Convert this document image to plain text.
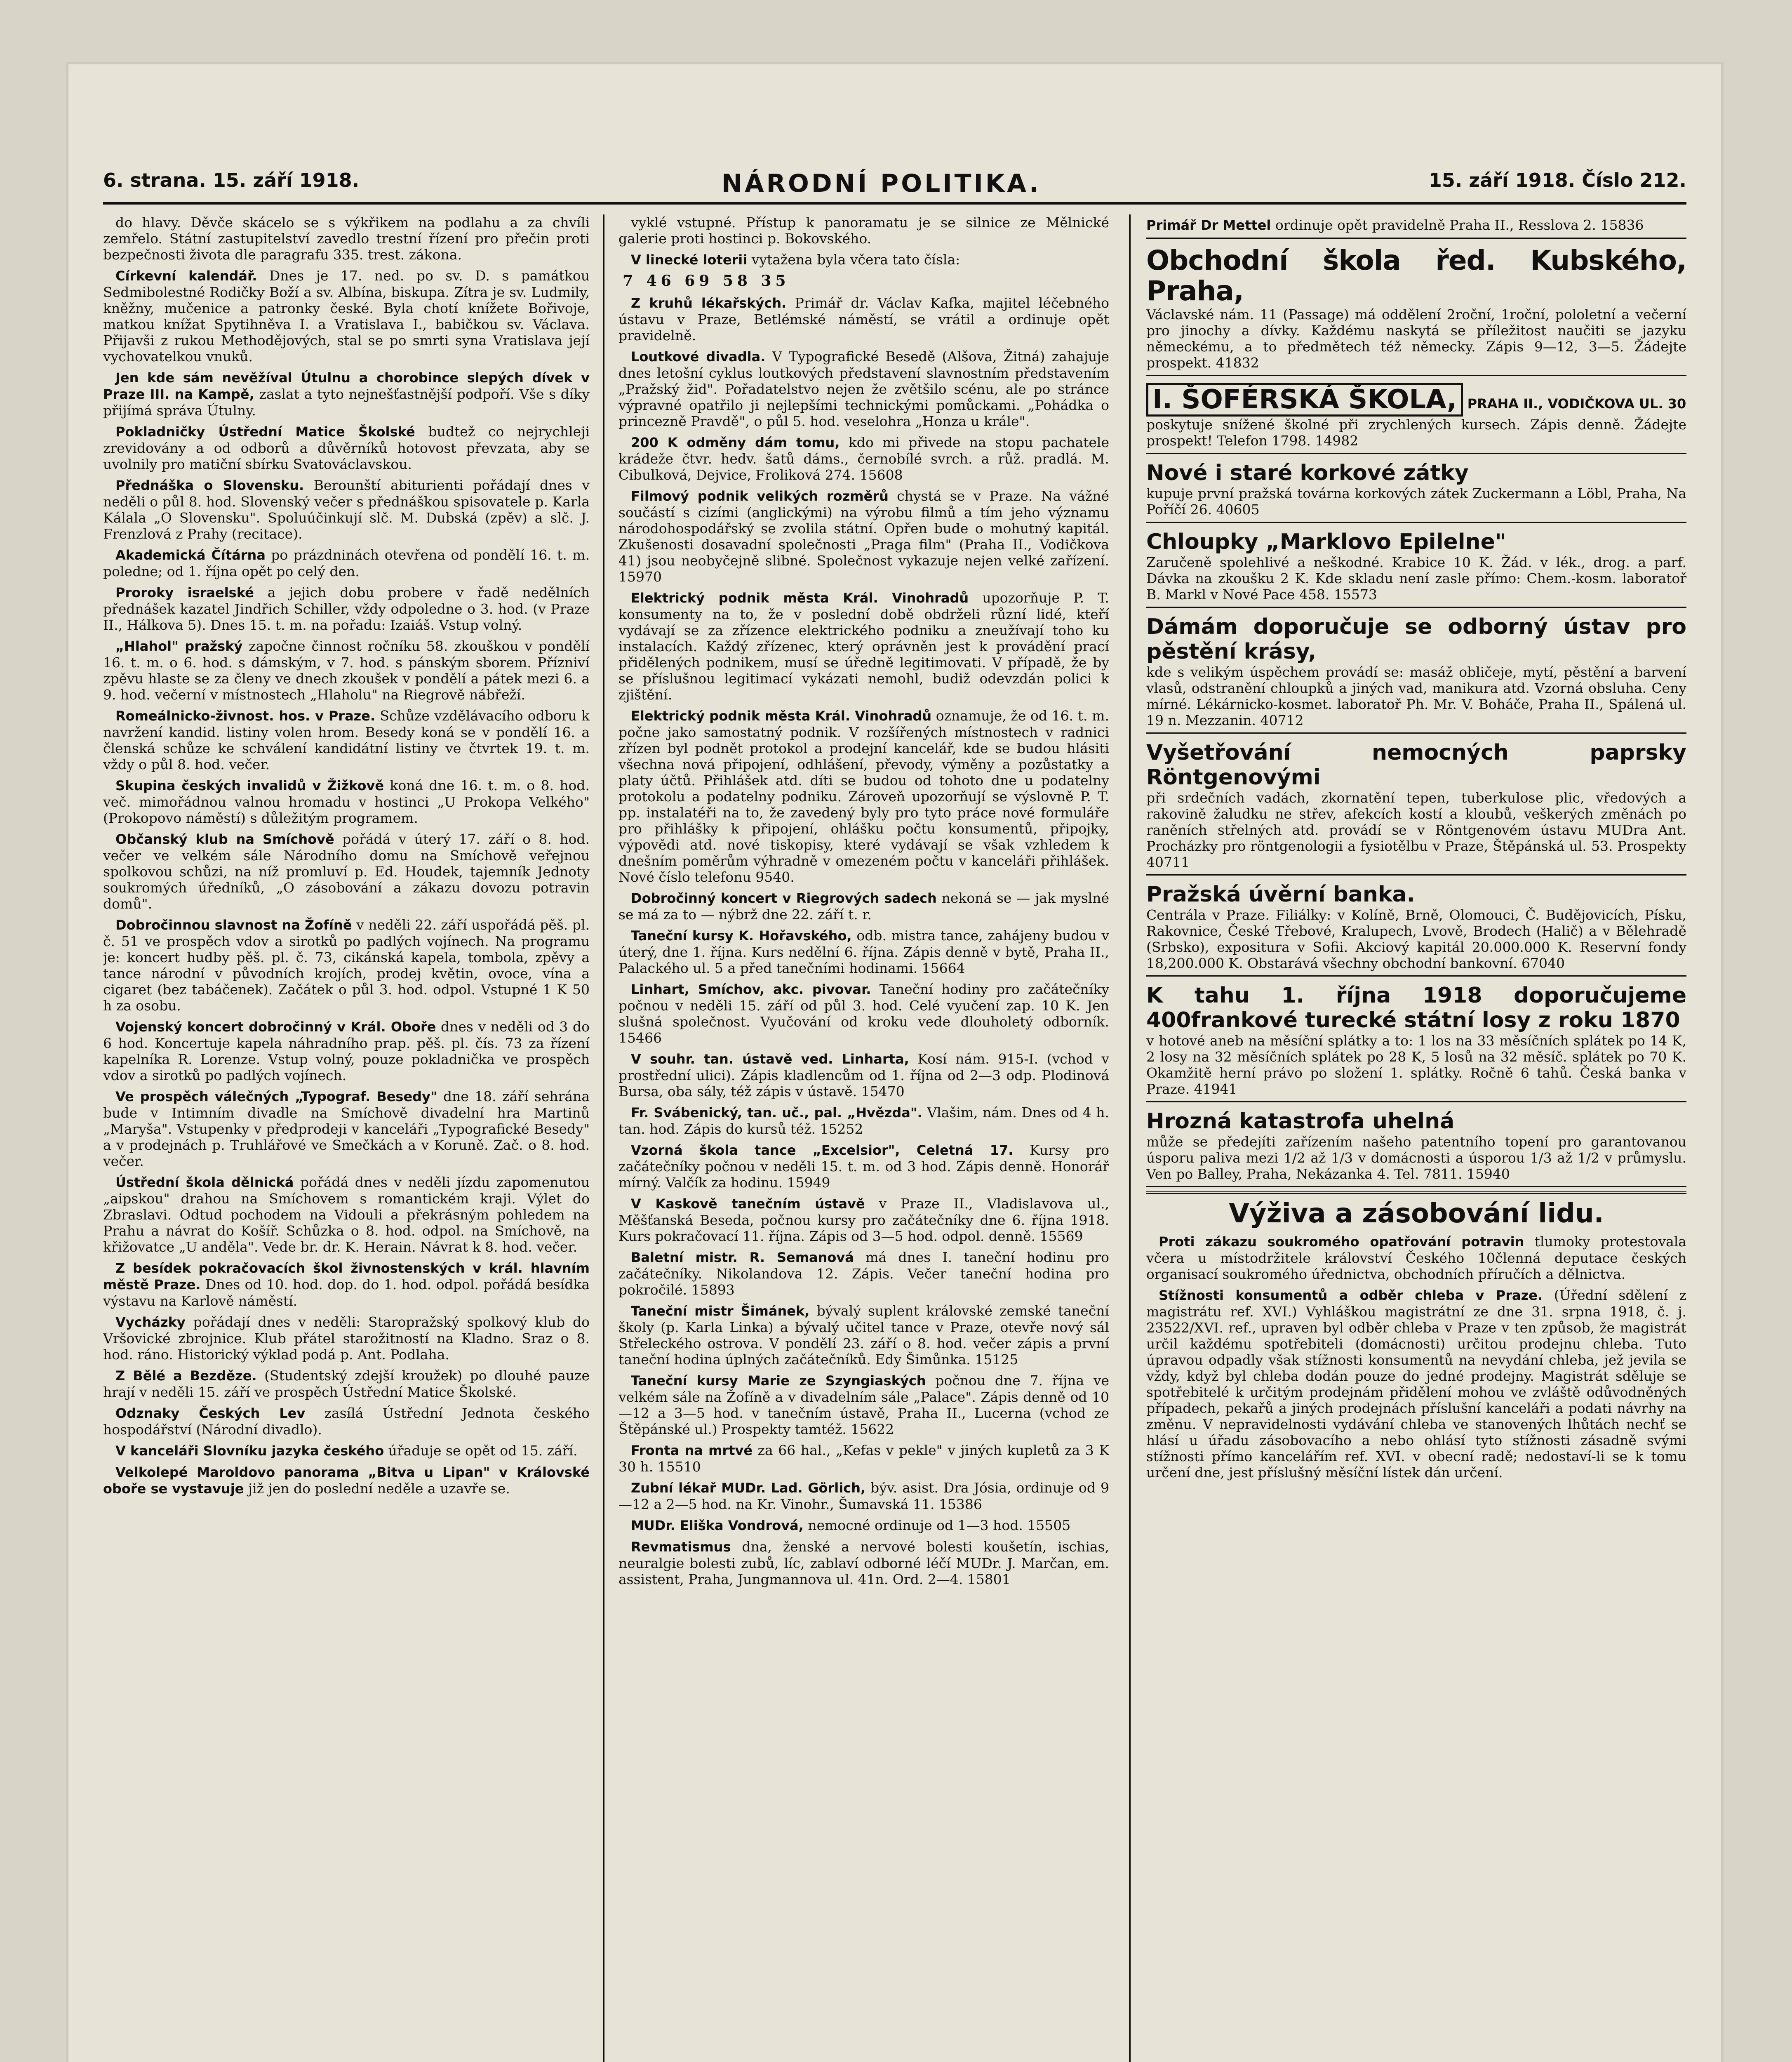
6. strana. 15. září 1918.	NÁRODNÍ POLITIKA.	15. září 1918. Číslo 212.

do hlavy. Děvče skácelo se s výkřikem na podlahu a za chvíli zemřelo. Státní zastupitelství zavedlo trestní řízení pro přečin proti bezpečnosti života dle paragrafu 335. trest. zákona.

Církevní kalendář. Dnes je 17. ned. po sv. D. s památkou Sedmibolestné Rodičky Boží a sv. Albína, biskupa. Zítra je sv. Ludmily, kněžny, mučenice a patronky české. Byla chotí knížete Bořivoje, matkou knížat Spytihněva I. a Vratislava I., babičkou sv. Václava. Přijavši z rukou Methodějových, stal se po smrti syna Vratislava její vychovatelkou vnuků.

Jen kde sám nevěžíval Útulnu a chorobince slepých dívek v Praze III. na Kampě, zaslat a tyto nejnešťastnější podpoří. Vše s díky přijímá správa Útulny.

Pokladničky Ústřední Matice Školské budtež co nejrychleji zrevidovány a od odborů a důvěrníků hotovost převzata, aby se uvolnily pro matiční sbírku Svatováclavskou.

Přednáška o Slovensku. Berounští abiturienti pořádají dnes v neděli o půl 8. hod. Slovenský večer s přednáškou spisovatele p. Karla Kálala „O Slovensku". Spoluúčinkují slč. M. Dubská (zpěv) a slč. J. Frenzlová z Prahy (recitace).

Akademická Čítárna po prázdninách otevřena od pondělí 16. t. m. poledne; od 1. října opět po celý den.

Proroky israelské a jejich dobu probere v řadě nedělních přednášek kazatel Jindřich Schiller, vždy odpoledne o 3. hod. (v Praze II., Hálkova 5). Dnes 15. t. m. na pořadu: Izaiáš. Vstup volný.

„Hlahol" pražský započne činnost ročníku 58. zkouškou v pondělí 16. t. m. o 6. hod. s dámským, v 7. hod. s pánským sborem. Přízniví zpěvu hlaste se za členy ve dnech zkoušek v pondělí a pátek mezi 6. a 9. hod. večerní v místnostech „Hlaholu" na Riegrově nábřeží.

Romeálnicko-živnost. hos. v Praze. Schůze vzdělávacího odboru k navržení kandid. listiny volen hrom. Besedy koná se v pondělí 16. a členská schůze ke schválení kandidátní listiny ve čtvrtek 19. t. m. vždy o půl 8. hod. večer.

Skupina českých invalidů v Žižkově koná dne 16. t. m. o 8. hod. več. mimořádnou valnou hromadu v hostinci „U Prokopa Velkého" (Prokopovo náměstí) s důležitým programem.

Občanský klub na Smíchově pořádá v úterý 17. září o 8. hod. večer ve velkém sále Národního domu na Smíchově veřejnou spolkovou schůzi, na níž promluví p. Ed. Houdek, tajemník Jednoty soukromých úředníků, „O zásobování a zákazu dovozu potravin domů".

Dobročinnou slavnost na Žofíně v neděli 22. září uspořádá pěš. pl. č. 51 ve prospěch vdov a sirotků po padlých vojínech. Na programu je: koncert hudby pěš. pl. č. 73, cikánská kapela, tombola, zpěvy a tance národní v původních krojích, prodej květin, ovoce, vína a cigaret (bez tabáčenek). Začátek o půl 3. hod. odpol. Vstupné 1 K 50 h za osobu.

Vojenský koncert dobročinný v Král. Oboře dnes v neděli od 3 do 6 hod. Koncertuje kapela náhradního prap. pěš. pl. čís. 73 za řízení kapelníka R. Lorenze. Vstup volný, pouze pokladnička ve prospěch vdov a sirotků po padlých vojínech.

Ve prospěch válečných „Typograf. Besedy" dne 18. září sehrána bude v Intimním divadle na Smíchově divadelní hra Martinů „Maryša". Vstupenky v předprodeji v kanceláři „Typografické Besedy" a v prodejnách p. Truhlářové ve Smečkách a v Koruně. Zač. o 8. hod. večer.

Ústřední škola dělnická pořádá dnes v neděli jízdu zapomenutou „aipskou" drahou na Smíchovem s romantickém kraji. Výlet do Zbraslavi. Odtud pochodem na Vidouli a překrásným pohledem na Prahu a návrat do Košíř. Schůzka o 8. hod. odpol. na Smíchově, na křižovatce „U anděla". Vede br. dr. K. Herain. Návrat k 8. hod. večer.

Z besídek pokračovacích škol živnostenských v král. hlavním městě Praze. Dnes od 10. hod. dop. do 1. hod. odpol. pořádá besídka výstavu na Karlově náměstí.

Vycházky pořádají dnes v neděli: Staropražský spolkový klub do Vršovické zbrojnice. Klub přátel starožitností na Kladno. Sraz o 8. hod. ráno. Historický výklad podá p. Ant. Podlaha.

Z Bělé a Bezděze. (Studentský zdejší kroužek) po dlouhé pauze hrají v neděli 15. září ve prospěch Ústřední Matice Školské.

Odznaky Českých Lev zasílá Ústřední Jednota českého hospodářství (Národní divadlo).

V kanceláři Slovníku jazyka českého úřaduje se opět od 15. září.

Velkolepé Maroldovo panorama „Bitva u Lipan" v Královské oboře se vystavuje již jen do poslední neděle a uzavře se.

vyklé vstupné. Přístup k panoramatu je se silnice ze Mělnické galerie proti hostinci p. Bokovského.

V linecké loterii vytažena byla včera tato čísla:

7 46 69 58 35

Z kruhů lékařských. Primář dr. Václav Kafka, majitel léčebného ústavu v Praze, Betlémské náměstí, se vrátil a ordinuje opět pravidelně.

Loutkové divadla. V Typografické Besedě (Alšova, Žitná) zahajuje dnes letošní cyklus loutkových představení slavnostním představením „Pražský žid". Pořadatelstvo nejen že zvětšilo scénu, ale po stránce výpravné opatřilo ji nejlepšími technickými pomůckami. „Pohádka o princezně Pravdě", o půl 5. hod. veselohra „Honza u krále".

200 K odměny dám tomu, kdo mi přivede na stopu pachatele krádeže čtvr. hedv. šatů dáms., černobílé svrch. a růž. pradlá. M. Cibulková, Dejvice, Froliková 274. 15608

Filmový podnik velikých rozměrů chystá se v Praze. Na vážné součástí s cizími (anglickými) na výrobu filmů a tím jeho významu národohospodářský se zvolila státní. Opřen bude o mohutný kapitál. Zkušenosti dosavadní společnosti „Praga film" (Praha II., Vodičkova 41) jsou neobyčejně slibné. Společnost vykazuje nejen velké zařízení. 15970

Elektrický podnik města Král. Vinohradů upozorňuje P. T. konsumenty na to, že v poslední době obdrželi různí lidé, kteří vydávají se za zřízence elektrického podniku a zneužívají toho ku instalacích. Každý zřízenec, který oprávněn jest k provádění prací přidělených podnikem, musí se úředně legitimovati. V případě, že by se příslušnou legitimací vykázati nemohl, budiž odevzdán polici k zjištění.

Elektrický podnik města Král. Vinohradů oznamuje, že od 16. t. m. počne jako samostatný podnik. V rozšířených místnostech v radnici zřízen byl podnět protokol a prodejní kancelář, kde se budou hlásiti všechna nová připojení, odhlášení, převody, výměny a pozůstatky a platy účtů. Přihlášek atd. díti se budou od tohoto dne u podatelny protokolu a podatelny podniku. Zároveň upozorňují se výslovně P. T. pp. instalatéři na to, že zavedený byly pro tyto práce nové formuláře pro přihlášky k připojení, ohlášku počtu konsumentů, připojky, výpovědi atd. nové tiskopisy, které vydávají se však vzhledem k dnešním poměrům výhradně v omezeném počtu v kanceláři přihlášek. Nové číslo telefonu 9540.

Dobročinný koncert v Riegrových sadech nekoná se — jak myslné se má za to — nýbrž dne 22. září t. r.

Taneční kursy K. Hořavského, odb. mistra tance, zahájeny budou v úterý, dne 1. října. Kurs nedělní 6. října. Zápis denně v bytě, Praha II., Palackého ul. 5 a před tanečními hodinami. 15664

Linhart, Smíchov, akc. pivovar. Taneční hodiny pro začátečníky počnou v neděli 15. září od půl 3. hod. Celé vyučení zap. 10 K. Jen slušná společnost. Vyučování od kroku vede dlouholetý odborník. 15466

V souhr. tan. ústavě ved. Linharta, Kosí nám. 915-I. (vchod v prostřední ulici). Zápis kladlencům od 1. října od 2—3 odp. Plodinová Bursa, oba sály, též zápis v ústavě. 15470

Fr. Svábenický, tan. uč., pal. „Hvězda". Vlašim, nám. Dnes od 4 h. tan. hod. Zápis do kursů též. 15252

Vzorná škola tance „Excelsior", Celetná 17. Kursy pro začátečníky počnou v neděli 15. t. m. od 3 hod. Zápis denně. Honorář mírný. Valčík za hodinu. 15949

V Kaskově tanečním ústavě v Praze II., Vladislavova ul., Měšťanská Beseda, počnou kursy pro začátečníky dne 6. října 1918. Kurs pokračovací 11. října. Zápis od 3—5 hod. odpol. denně. 15569

Baletní mistr. R. Semanová má dnes I. taneční hodinu pro začátečníky. Nikolandova 12. Zápis. Večer taneční hodina pro pokročilé. 15893

Taneční mistr Šimánek, bývalý suplent královské zemské taneční školy (p. Karla Linka) a bývalý učitel tance v Praze, otevře nový sál Střeleckého ostrova. V pondělí 23. září o 8. hod. večer zápis a první taneční hodina úplných začátečníků. Edy Šimůnka. 15125

Taneční kursy Marie ze Szyngiaských počnou dne 7. října ve velkém sále na Žofíně a v divadelním sále „Palace". Zápis denně od 10—12 a 3—5 hod. v tanečním ústavě, Praha II., Lucerna (vchod ze Štěpánské ul.) Prospekty tamtéž. 15622

Fronta na mrtvé za 66 hal., „Kefas v pekle" v jiných kupletů za 3 K 30 h. 15510

Zubní lékař MUDr. Lad. Görlich, býv. asist. Dra Jósia, ordinuje od 9—12 a 2—5 hod. na Kr. Vinohr., Šumavská 11. 15386

MUDr. Eliška Vondrová, nemocné ordinuje od 1—3 hod. 15505

Revmatismus dna, ženské a nervové bolesti koušetín, ischias, neuralgie bolesti zubů, líc, zablaví odborné léčí MUDr. J. Marčan, em. assistent, Praha, Jungmannova ul. 41n. Ord. 2—4. 15801

Primář Dr Mettel ordinuje opět pravidelně Praha II., Resslova 2. 15836
Obchodní škola řed. Kubského, Praha,
Václavské nám. 11 (Passage) má oddělení 2roční, 1roční, pololetní a večerní pro jinochy a dívky. Každému naskytá se příležitost naučiti se jazyku německému, a to předmětech též německy. Zápis 9—12, 3—5. Žádejte prospekt. 41832
I. ŠOFÉRSKÁ ŠKOLA, PRAHA II., VODIČKOVA UL. 30
poskytuje snížené školné při zrychlených kursech. Zápis denně. Žádejte prospekt! Telefon 1798. 14982
Nové i staré korkové zátky
kupuje první pražská továrna korkových zátek Zuckermann a Löbl, Praha, Na Poříčí 26. 40605
Chloupky „Marklovo Epilelne"
Zaručeně spolehlivé a neškodné. Krabice 10 K. Žád. v lék., drog. a parf. Dávka na zkoušku 2 K. Kde skladu není zasle přímo: Chem.-kosm. laboratoř B. Markl v Nové Pace 458. 15573
Dámám doporučuje se odborný ústav pro pěstění krásy,
kde s velikým úspěchem provádí se: masáž obličeje, mytí, pěstění a barvení vlasů, odstranění chloupků a jiných vad, manikura atd. Vzorná obsluha. Ceny mírné. Lékárnicko-kosmet. laboratoř Ph. Mr. V. Boháče, Praha II., Spálená ul. 19 n. Mezzanin. 40712
Vyšetřování nemocných paprsky Röntgenovými
při srdečních vadách, zkornatění tepen, tuberkulose plic, vředových a rakovině žaludku ne střev, afekcích kostí a kloubů, veškerých změnách po raněních střelných atd. provádí se v Röntgenovém ústavu MUDra Ant. Procházky pro röntgenologii a fysiotělbu v Praze, Štěpánská ul. 53. Prospekty 40711
Pražská úvěrní banka.
Centrála v Praze. Filiálky: v Kolíně, Brně, Olomouci, Č. Budějovicích, Písku, Rakovnice, České Třebové, Kralupech, Lvově, Brodech (Halič) a v Bělehradě (Srbsko), expositura v Sofii. Akciový kapitál 20.000.000 K. Reservní fondy 18,200.000 K. Obstarává všechny obchodní bankovní. 67040
K tahu 1. října 1918 doporučujeme 400frankové turecké státní losy z roku 1870
v hotové aneb na měsíční splátky a to: 1 los na 33 měsíčních splátek po 14 K, 2 losy na 32 měsíčních splátek po 28 K, 5 losů na 32 měsíč. splátek po 70 K. Okamžitě herní právo po složení 1. splátky. Ročně 6 tahů. Česká banka v Praze. 41941
Hrozná katastrofa uhelná
může se předejíti zařízením našeho patentního topení pro garantovanou úsporu paliva mezi 1/2 až 1/3 v domácnosti a úsporou 1/3 až 1/2 v průmyslu. Ven po Balley, Praha, Nekázanka 4. Tel. 7811. 15940
Výživa a zásobování lidu.

Proti zákazu soukromého opatřování potravin tlumoky protestovala včera u místodržitele království Českého 10členná deputace českých organisací soukromého úřednictva, obchodních příručích a dělnictva.

Stížnosti konsumentů a odběr chleba v Praze. (Úřední sdělení z magistrátu ref. XVI.) Vyhláškou magistrátní ze dne 31. srpna 1918, č. j. 23522/XVI. ref., upraven byl odběr chleba v Praze v ten způsob, že magistrát určil každému spotřebiteli (domácnosti) určitou prodejnu chleba. Tuto úpravou odpadly však stížnosti konsumentů na nevydání chleba, jež jevila se vždy, když byl chleba dodán pouze do jedné prodejny. Magistrát sděluje se spotřebitelé k určitým prodejnám přidělení mohou ve zvláště odůvodněných případech, pekařů a jiných prodejnách příslušní kanceláři a podati návrhy na změnu. V nepravidelnosti vydávání chleba ve stanovených lhůtách nechť se hlásí u úřadu zásobovacího a nebo ohlásí tyto stížnosti zásadně svými stížnosti přímo kancelářím ref. XVI. v obecní radě; nedostaví-li se k tomu určení dne, jest příslušný měsíční lístek dán určení.
